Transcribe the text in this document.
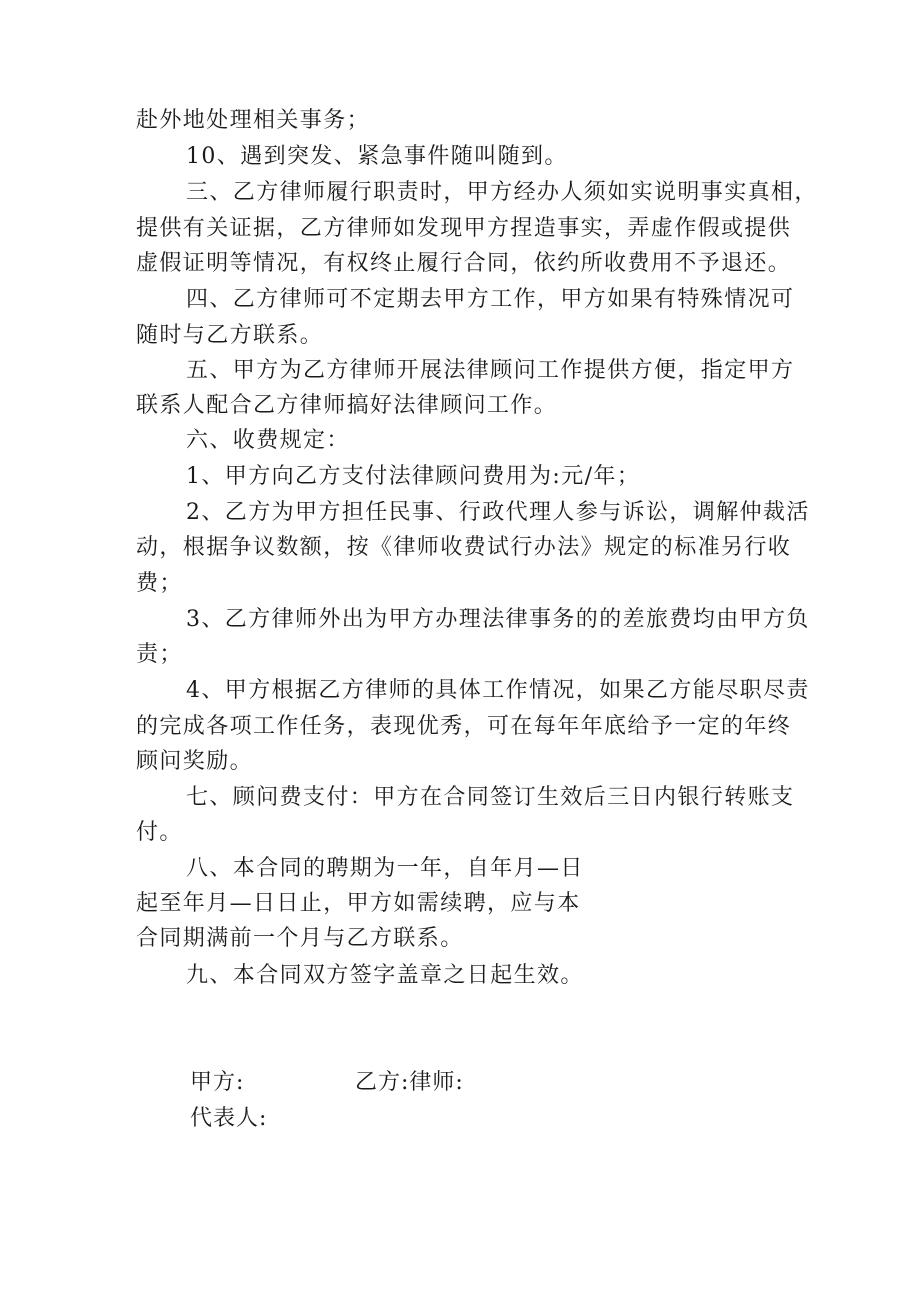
赴外地处理相关事务；
10、遇到突发、紧急事件随叫随到。
三、乙方律师履行职责时，甲方经办人须如实说明事实真相，
提供有关证据，乙方律师如发现甲方捏造事实，弄虚作假或提供
虚假证明等情况，有权终止履行合同，依约所收费用不予退还。
四、乙方律师可不定期去甲方工作，甲方如果有特殊情况可
随时与乙方联系。
五、甲方为乙方律师开展法律顾问工作提供方便，指定甲方
联系人配合乙方律师搞好法律顾问工作。
六、收费规定：
1、甲方向乙方支付法律顾问费用为:元/年；
2、乙方为甲方担任民事、行政代理人参与诉讼，调解仲裁活
动，根据争议数额，按《律师收费试行办法》规定的标准另行收
费；
3、乙方律师外出为甲方办理法律事务的的差旅费均由甲方负
责；
4、甲方根据乙方律师的具体工作情况，如果乙方能尽职尽责
的完成各项工作任务，表现优秀，可在每年年底给予一定的年终
顾问奖励。
七、顾问费支付：甲方在合同签订生效后三日内银行转账支
付。
八、本合同的聘期为一年，自年月—日
起至年月—日日止，甲方如需续聘，应与本
合同期满前一个月与乙方联系。
九、本合同双方签字盖章之日起生效。
甲方:	乙方:律师:
代表人:
